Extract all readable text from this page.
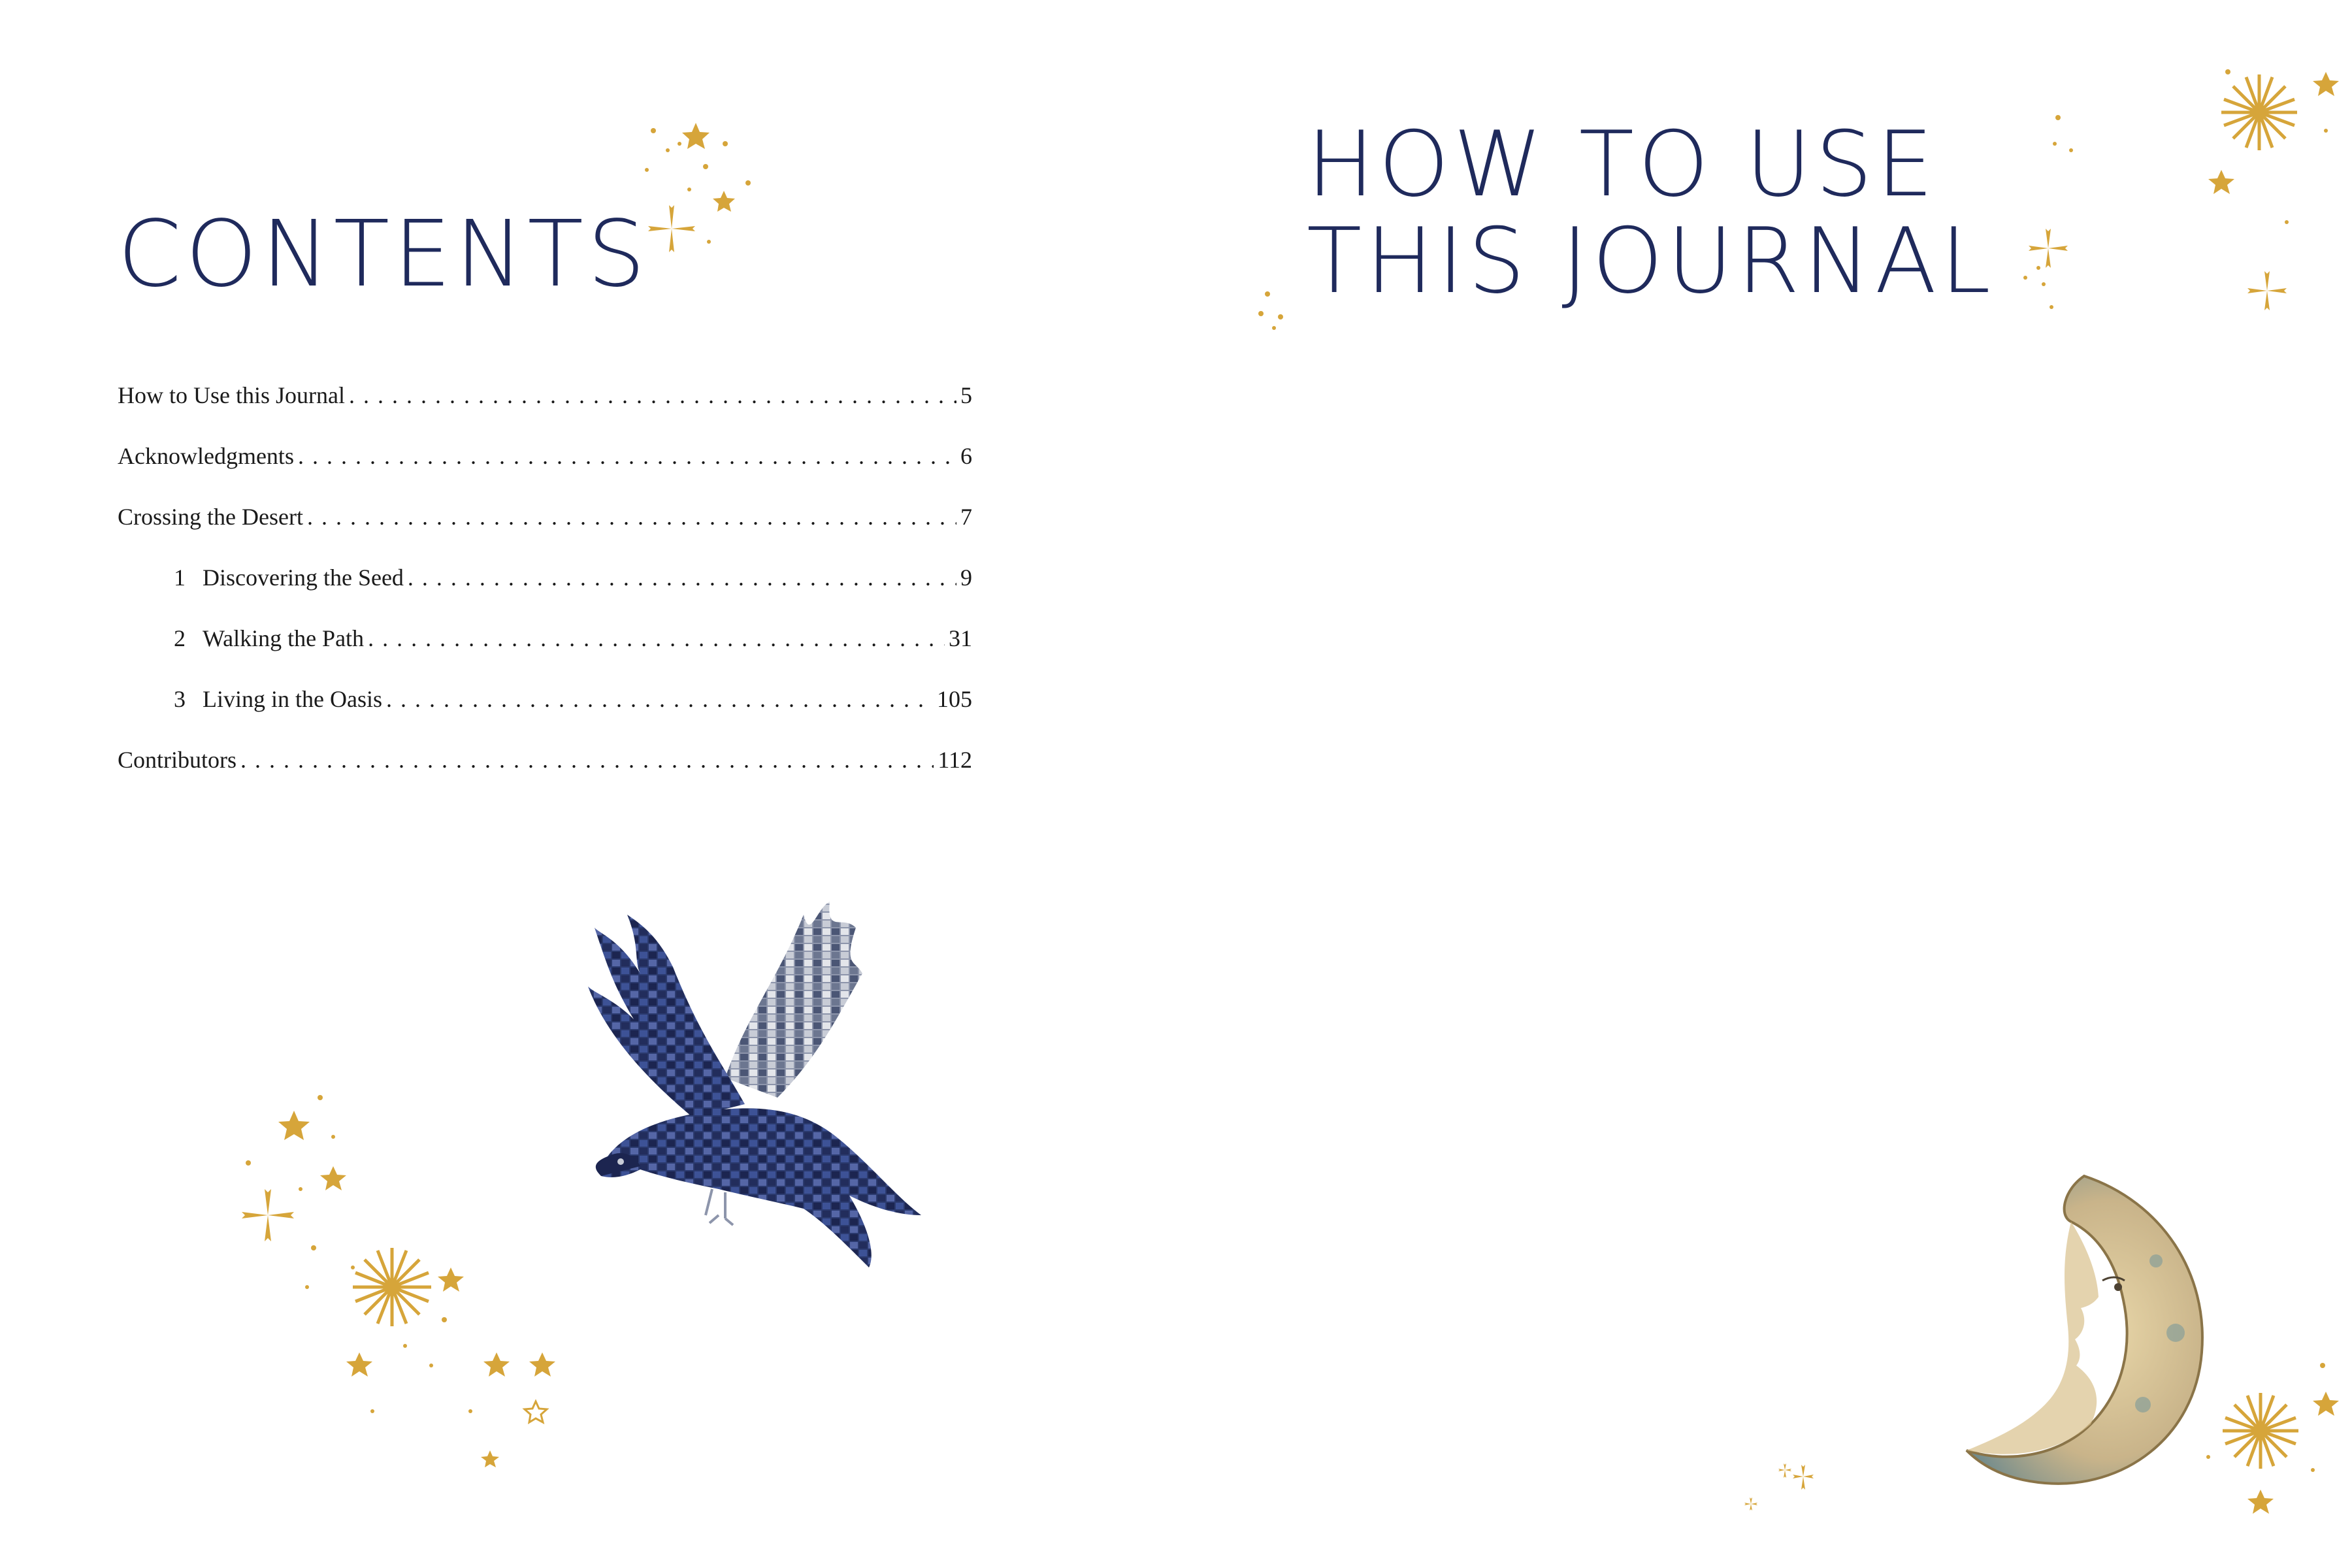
CONTENTS
How to Use this Journal . . .	5
Acknowledgments . . .	6
Crossing the Desert . . .	7
1 Discovering the Seed . . .	9
2 Walking the Path . . .	31
3 Living in the Oasis . . .	105
Contributors . . .	112
HOW TO USE
THIS JOURNAL
